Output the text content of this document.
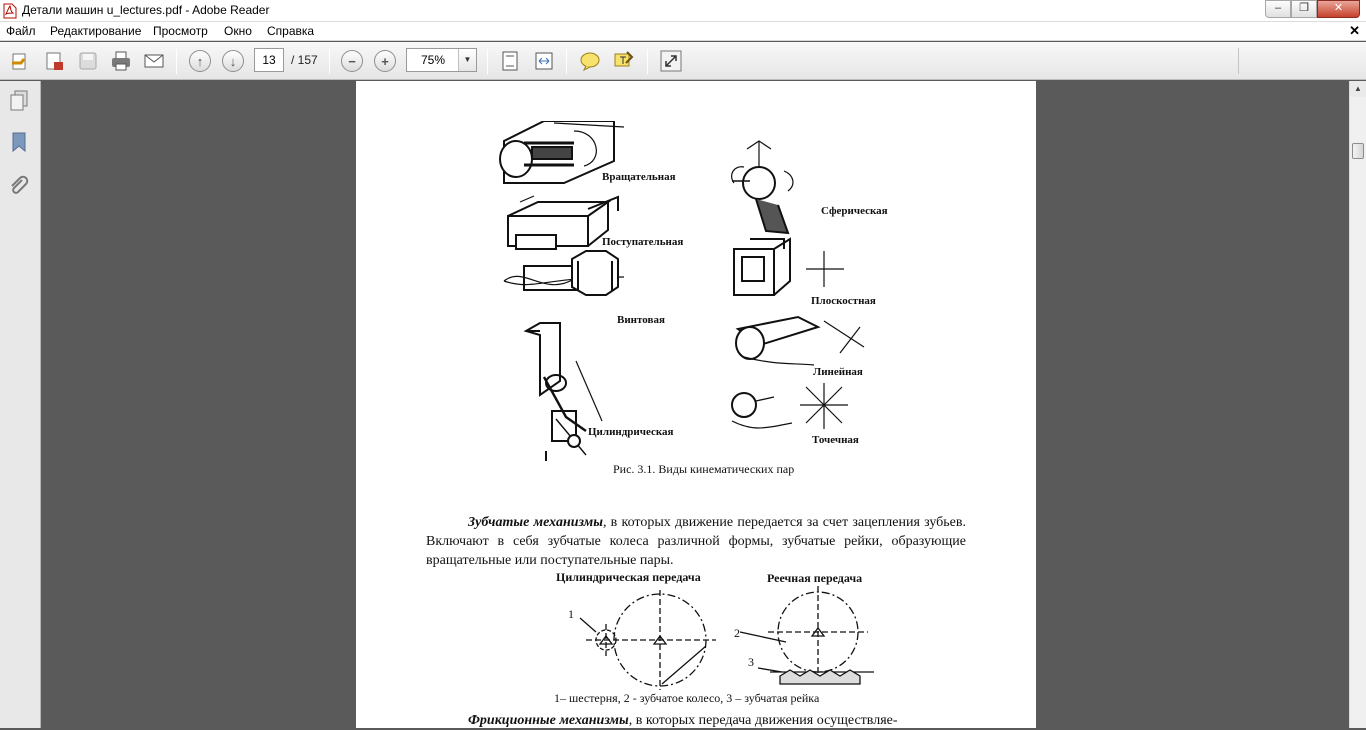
Детали машин u_lectures.pdf - Adobe Reader	–	❐	✕
Файл Редактирование Просмотр Окно Справка	✕
↑	↓	−	+
13
/ 157
75%	▼
Вращательная
Сферическая
Поступательная
Плоскостная
Винтовая
Линейная
Цилиндрическая
Точечная
Рис. 3.1. Виды кинематических пар
Зубчатые механизмы, в которых движение передается за счет зацепления зубьев. Включают в себя зубчатые колеса различной формы, зубчатые рейки, образующие вращательные или поступательные пары.
Цилиндрическая передача	Реечная передача
1
2
3
1– шестерня, 2 - зубчатое колесо, 3 – зубчатая рейка
Фрикционные механизмы, в которых передача движения осуществляе-
▲
